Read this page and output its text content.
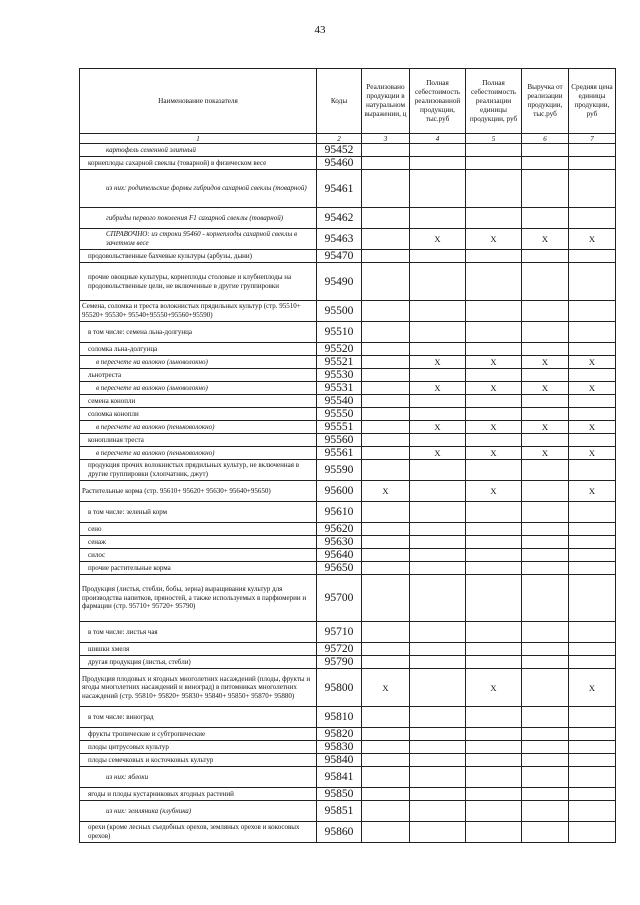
43
Наименование показателя	Коды	Реализовано продукции в натуральном выражении, ц	Полная себестоимость реализованной продукции, тыс.руб	Полная себестоимость реализации единицы продукции, руб	Выручка от реализации продукции, тыс.руб	Средняя цена единицы продукции, руб
1	2	3	4	5	6	7
картофель семенной элитный	95452					
корнеплоды сахарной свеклы (товарной) в физическом весе	95460					
из них: родительские формы гибридов сахарной свеклы (товарной)	95461					
гибриды первого поколения F1 сахарной свеклы (товарной)	95462					
СПРАВОЧНО: из строки 95460 - корнеплоды сахарной свеклы в зачетном весе	95463		X	X	X	X
продовольственные бахчевые культуры (арбузы, дыни)	95470					
прочие овощные культуры, корнеплоды столовые и клубнеплоды на продовольственные цели, не включенные в другие группировки	95490					
Семена, соломка и треста волокнистых прядильных культур (стр. 95510+ 95520+ 95530+ 95540+95550+95560+95590)	95500					
в том числе: семена льна-долгунца	95510					
соломка льна-долгунца	95520					
в пересчете на волокно (льноволокно)	95521		X	X	X	X
льнотреста	95530					
в пересчете на волокно (льноволокно)	95531		X	X	X	X
семена конопли	95540					
соломка конопли	95550					
в пересчете на волокно (пеньковолокно)	95551		X	X	X	X
коноплиная треста	95560					
в пересчете на волокно (пеньковолокно)	95561		X	X	X	X
продукция прочих волокнистых прядильных культур, не включенная в другие группировки (хлопчатник, джут)	95590					
Растительные корма (стр. 95610+ 95620+ 95630+ 95640+95650)	95600	X		X		X
в том числе: зеленый корм	95610					
сено	95620					
сенаж	95630					
силос	95640					
прочие растительные корма	95650					
Продукция (листья, стебли, бобы, зерна) выращивания культур для производства напитков, пряностей, а также используемых в парфюмерии и фармации (стр. 95710+ 95720+ 95790)	95700					
в том числе: листья чая	95710					
шишки хмеля	95720					
другая продукция (листья, стебли)	95790					
Продукция плодовых и ягодных многолетних насаждений (плоды, фрукты и ягоды многолетних насаждений и виноград) в питомниках многолетних насаждений (стр. 95810+ 95820+ 95830+ 95840+ 95850+ 95870+ 95880)	95800	X		X		X
в том числе: виноград	95810					
фрукты тропические и субтропические	95820					
плоды цитрусовых культур	95830					
плоды семечковых и косточковых культур	95840					
из них: яблоки	95841					
ягоды и плоды кустарниковых ягодных растений	95850					
из них: земляника (клубника)	95851					
орехи (кроме лесных съедобных орехов, земляных орехов и кокосовых орехов)	95860					
